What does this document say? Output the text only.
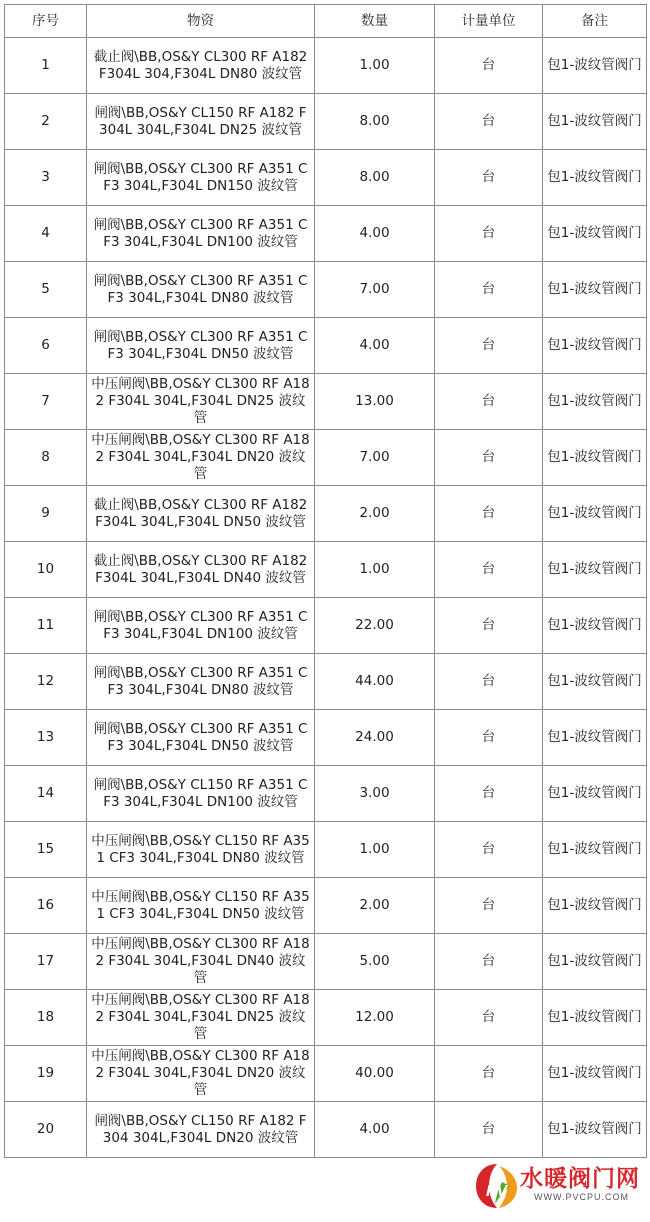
序号	物资	数量	计量单位	备注
1	截止阀\BB,OS&Y CL300 RF A182 F304L 304,F304L DN80 波纹管	1.00	台	包1-波纹管阀门
2	闸阀\BB,OS&Y CL150 RF A182 F304L 304L,F304L DN25 波纹管	8.00	台	包1-波纹管阀门
3	闸阀\BB,OS&Y CL300 RF A351 CF3 304L,F304L DN150 波纹管	8.00	台	包1-波纹管阀门
4	闸阀\BB,OS&Y CL300 RF A351 CF3 304L,F304L DN100 波纹管	4.00	台	包1-波纹管阀门
5	闸阀\BB,OS&Y CL300 RF A351 CF3 304L,F304L DN80 波纹管	7.00	台	包1-波纹管阀门
6	闸阀\BB,OS&Y CL300 RF A351 CF3 304L,F304L DN50 波纹管	4.00	台	包1-波纹管阀门
7	中压闸阀\BB,OS&Y CL300 RF A182 F304L 304L,F304L DN25 波纹管	13.00	台	包1-波纹管阀门
8	中压闸阀\BB,OS&Y CL300 RF A182 F304L 304L,F304L DN20 波纹管	7.00	台	包1-波纹管阀门
9	截止阀\BB,OS&Y CL300 RF A182 F304L 304L,F304L DN50 波纹管	2.00	台	包1-波纹管阀门
10	截止阀\BB,OS&Y CL300 RF A182 F304L 304L,F304L DN40 波纹管	1.00	台	包1-波纹管阀门
11	闸阀\BB,OS&Y CL300 RF A351 CF3 304L,F304L DN100 波纹管	22.00	台	包1-波纹管阀门
12	闸阀\BB,OS&Y CL300 RF A351 CF3 304L,F304L DN80 波纹管	44.00	台	包1-波纹管阀门
13	闸阀\BB,OS&Y CL300 RF A351 CF3 304L,F304L DN50 波纹管	24.00	台	包1-波纹管阀门
14	闸阀\BB,OS&Y CL150 RF A351 CF3 304L,F304L DN100 波纹管	3.00	台	包1-波纹管阀门
15	中压闸阀\BB,OS&Y CL150 RF A351 CF3 304L,F304L DN80 波纹管	1.00	台	包1-波纹管阀门
16	中压闸阀\BB,OS&Y CL150 RF A351 CF3 304L,F304L DN50 波纹管	2.00	台	包1-波纹管阀门
17	中压闸阀\BB,OS&Y CL300 RF A182 F304L 304L,F304L DN40 波纹管	5.00	台	包1-波纹管阀门
18	中压闸阀\BB,OS&Y CL300 RF A182 F304L 304L,F304L DN25 波纹管	12.00	台	包1-波纹管阀门
19	中压闸阀\BB,OS&Y CL300 RF A182 F304L 304L,F304L DN20 波纹管	40.00	台	包1-波纹管阀门
20	闸阀\BB,OS&Y CL150 RF A182 F304 304L,F304L DN20 波纹管	4.00	台	包1-波纹管阀门
PV 水暖阀门网
WWW.PVCPU.COM
